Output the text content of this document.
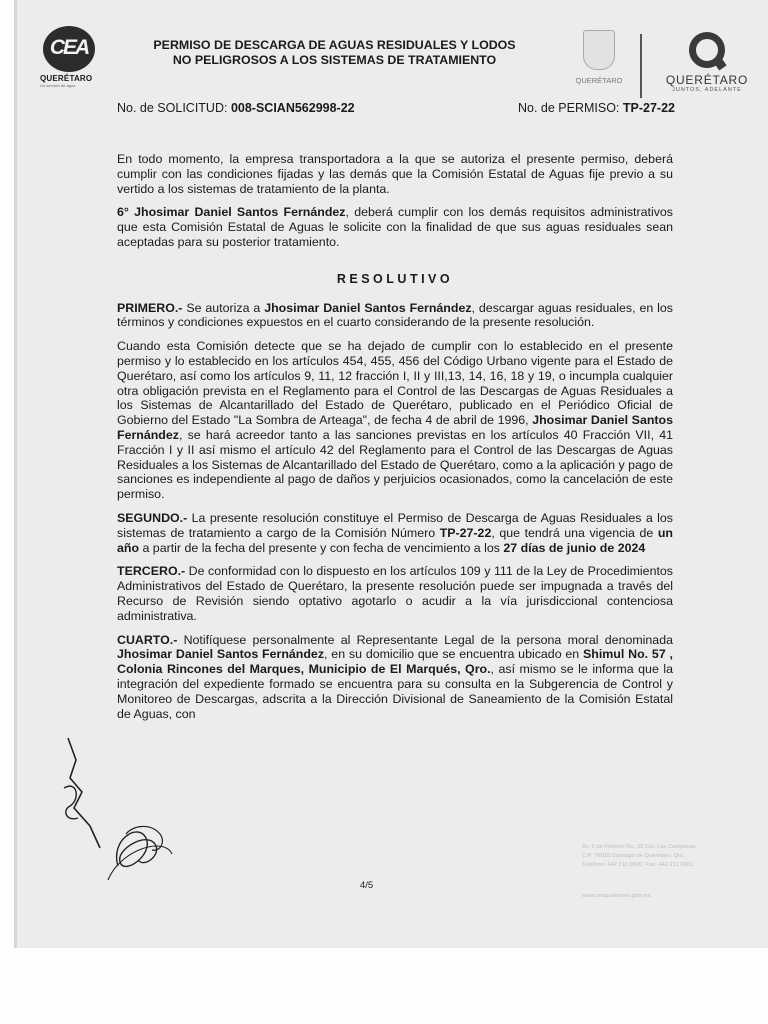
CEA
QUERÉTARO
Un servicio de agua
PERMISO DE DESCARGA DE AGUAS RESIDUALES Y LODOS
NO PELIGROSOS A LOS SISTEMAS DE TRATAMIENTO
QUERÉTARO	QUERÉTARO
JUNTOS, ADELANTE
No. de SOLICITUD: 008-SCIAN562998-22	No. de PERMISO: TP-27-22

En todo momento, la empresa transportadora a la que se autoriza el presente permiso, deberá cumplir con las condiciones fijadas y las demás que la Comisión Estatal de Aguas fije previo a su vertido a los sistemas de tratamiento de la planta.

6° Jhosimar Daniel Santos Fernández, deberá cumplir con los demás requisitos administrativos que esta Comisión Estatal de Aguas le solicite con la finalidad de que sus aguas residuales sean aceptadas para su posterior tratamiento.

RESOLUTIVO

PRIMERO.- Se autoriza a Jhosimar Daniel Santos Fernández, descargar aguas residuales, en los términos y condiciones expuestos en el cuarto considerando de la presente resolución.

Cuando esta Comisión detecte que se ha dejado de cumplir con lo establecido en el presente permiso y lo establecido en los artículos 454, 455, 456 del Código Urbano vigente para el Estado de Querétaro, así como los artículos 9, 11, 12 fracción I, II y III,13, 14, 16, 18 y 19, o incumpla cualquier otra obligación prevista en el Reglamento para el Control de las Descargas de Aguas Residuales a los Sistemas de Alcantarillado del Estado de Querétaro, publicado en el Periódico Oficial de Gobierno del Estado "La Sombra de Arteaga", de fecha 4 de abril de 1996, Jhosimar Daniel Santos Fernández, se hará acreedor tanto a las sanciones previstas en los artículos 40 Fracción VII, 41 Fracción I y II así mismo el artículo 42 del Reglamento para el Control de las Descargas de Aguas Residuales a los Sistemas de Alcantarillado del Estado de Querétaro, como a la aplicación y pago de sanciones es independiente al pago de daños y perjuicios ocasionados, como la cancelación de este permiso.

SEGUNDO.- La presente resolución constituye el Permiso de Descarga de Aguas Residuales a los sistemas de tratamiento a cargo de la Comisión Número TP-27-22, que tendrá una vigencia de un año a partir de la fecha del presente y con fecha de vencimiento a los 27 días de junio de 2024

TERCERO.- De conformidad con lo dispuesto en los artículos 109 y 111 de la Ley de Procedimientos Administrativos del Estado de Querétaro, la presente resolución puede ser impugnada a través del Recurso de Revisión siendo optativo agotarlo o acudir a la vía jurisdiccional contenciosa administrativa.

CUARTO.- Notifíquese personalmente al Representante Legal de la persona moral denominada Jhosimar Daniel Santos Fernández, en su domicilio que se encuentra ubicado en Shimul No. 57 , Colonia Rincones del Marques, Municipio de El Marqués, Qro., así mismo se le informa que la integración del expediente formado se encuentra para su consulta en la Subgerencia de Control y Monitoreo de Descargas, adscrita a la Dirección Divisional de Saneamiento de la Comisión Estatal de Aguas, con

4/5
Av. 5 de Febrero No. 35 Col. Las Campanas
C.P. 76010 Santiago de Querétaro, Qro.
Teléfono: 442 211 0600, Fax: 442 211 0601
www.ceaqueretaro.gob.mx
